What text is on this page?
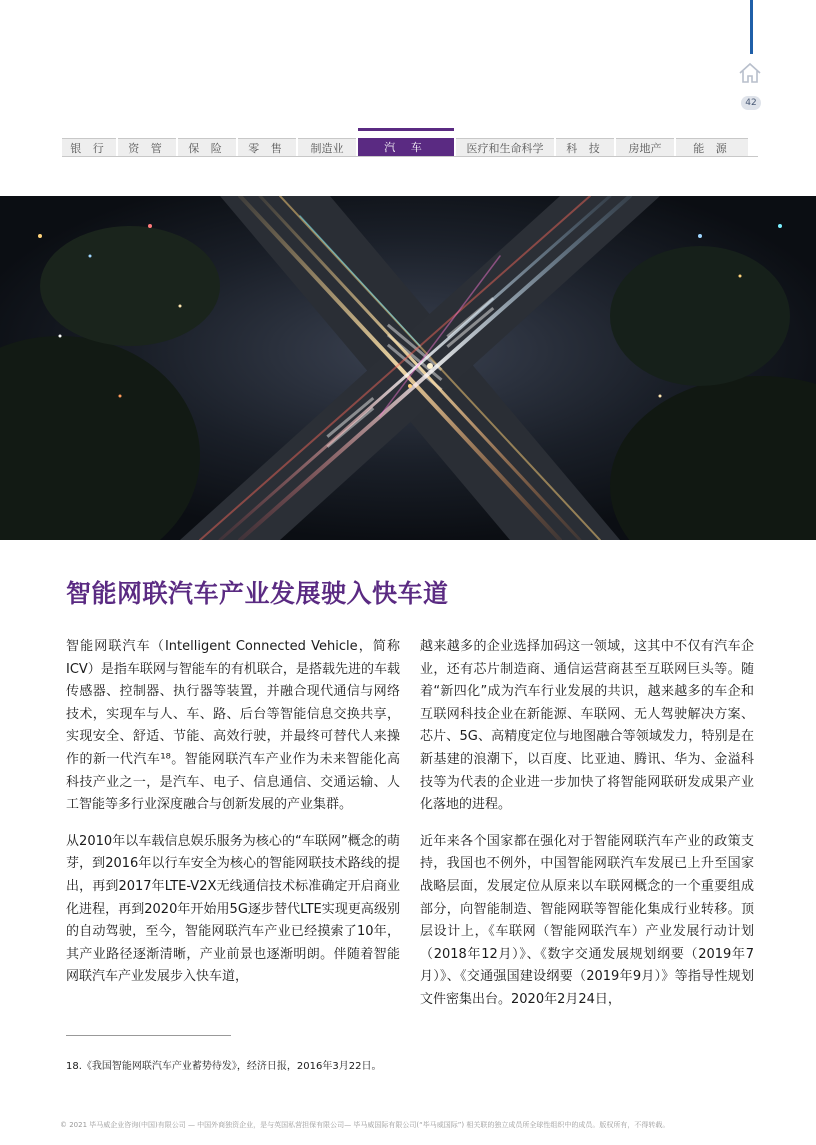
42
银 行	资 管	保 险	零 售	制造业	汽 车	医疗和生命科学	科 技	房地产	能 源
智能网联汽车产业发展驶入快车道

智能网联汽车（Intelligent Connected Vehicle，简称ICV）是指车联网与智能车的有机联合，是搭载先进的车载传感器、控制器、执行器等装置，并融合现代通信与网络技术，实现车与人、车、路、后台等智能信息交换共享，实现安全、舒适、节能、高效行驶，并最终可替代人来操作的新一代汽车¹⁸。智能网联汽车产业作为未来智能化高科技产业之一，是汽车、电子、信息通信、交通运输、人工智能等多行业深度融合与创新发展的产业集群。

从2010年以车载信息娱乐服务为核心的“车联网”概念的萌芽，到2016年以行车安全为核心的智能网联技术路线的提出，再到2017年LTE-V2X无线通信技术标准确定开启商业化进程，再到2020年开始用5G逐步替代LTE实现更高级别的自动驾驶，至今，智能网联汽车产业已经摸索了10年，其产业路径逐渐清晰，产业前景也逐渐明朗。伴随着智能网联汽车产业发展步入快车道，

越来越多的企业选择加码这一领域，这其中不仅有汽车企业，还有芯片制造商、通信运营商甚至互联网巨头等。随着“新四化”成为汽车行业发展的共识，越来越多的车企和互联网科技企业在新能源、车联网、无人驾驶解决方案、芯片、5G、高精度定位与地图融合等领域发力，特别是在新基建的浪潮下，以百度、比亚迪、腾讯、华为、金溢科技等为代表的企业进一步加快了将智能网联研发成果产业化落地的进程。

近年来各个国家都在强化对于智能网联汽车产业的政策支持，我国也不例外，中国智能网联汽车发展已上升至国家战略层面，发展定位从原来以车联网概念的一个重要组成部分，向智能制造、智能网联等智能化集成行业转移。顶层设计上，《车联网（智能网联汽车）产业发展行动计划（2018年12月）》、《数字交通发展规划纲要（2019年7月）》、《交通强国建设纲要（2019年9月）》等指导性规划文件密集出台。2020年2月24日，

18.《我国智能网联汽车产业蓄势待发》，经济日报，2016年3月22日。
© 2021 毕马威企业咨询(中国)有限公司 — 中国外商独资企业，是与英国私营担保有限公司— 毕马威国际有限公司(“毕马威国际”) 相关联的独立成员所全球性组织中的成员。版权所有，不得转载。
